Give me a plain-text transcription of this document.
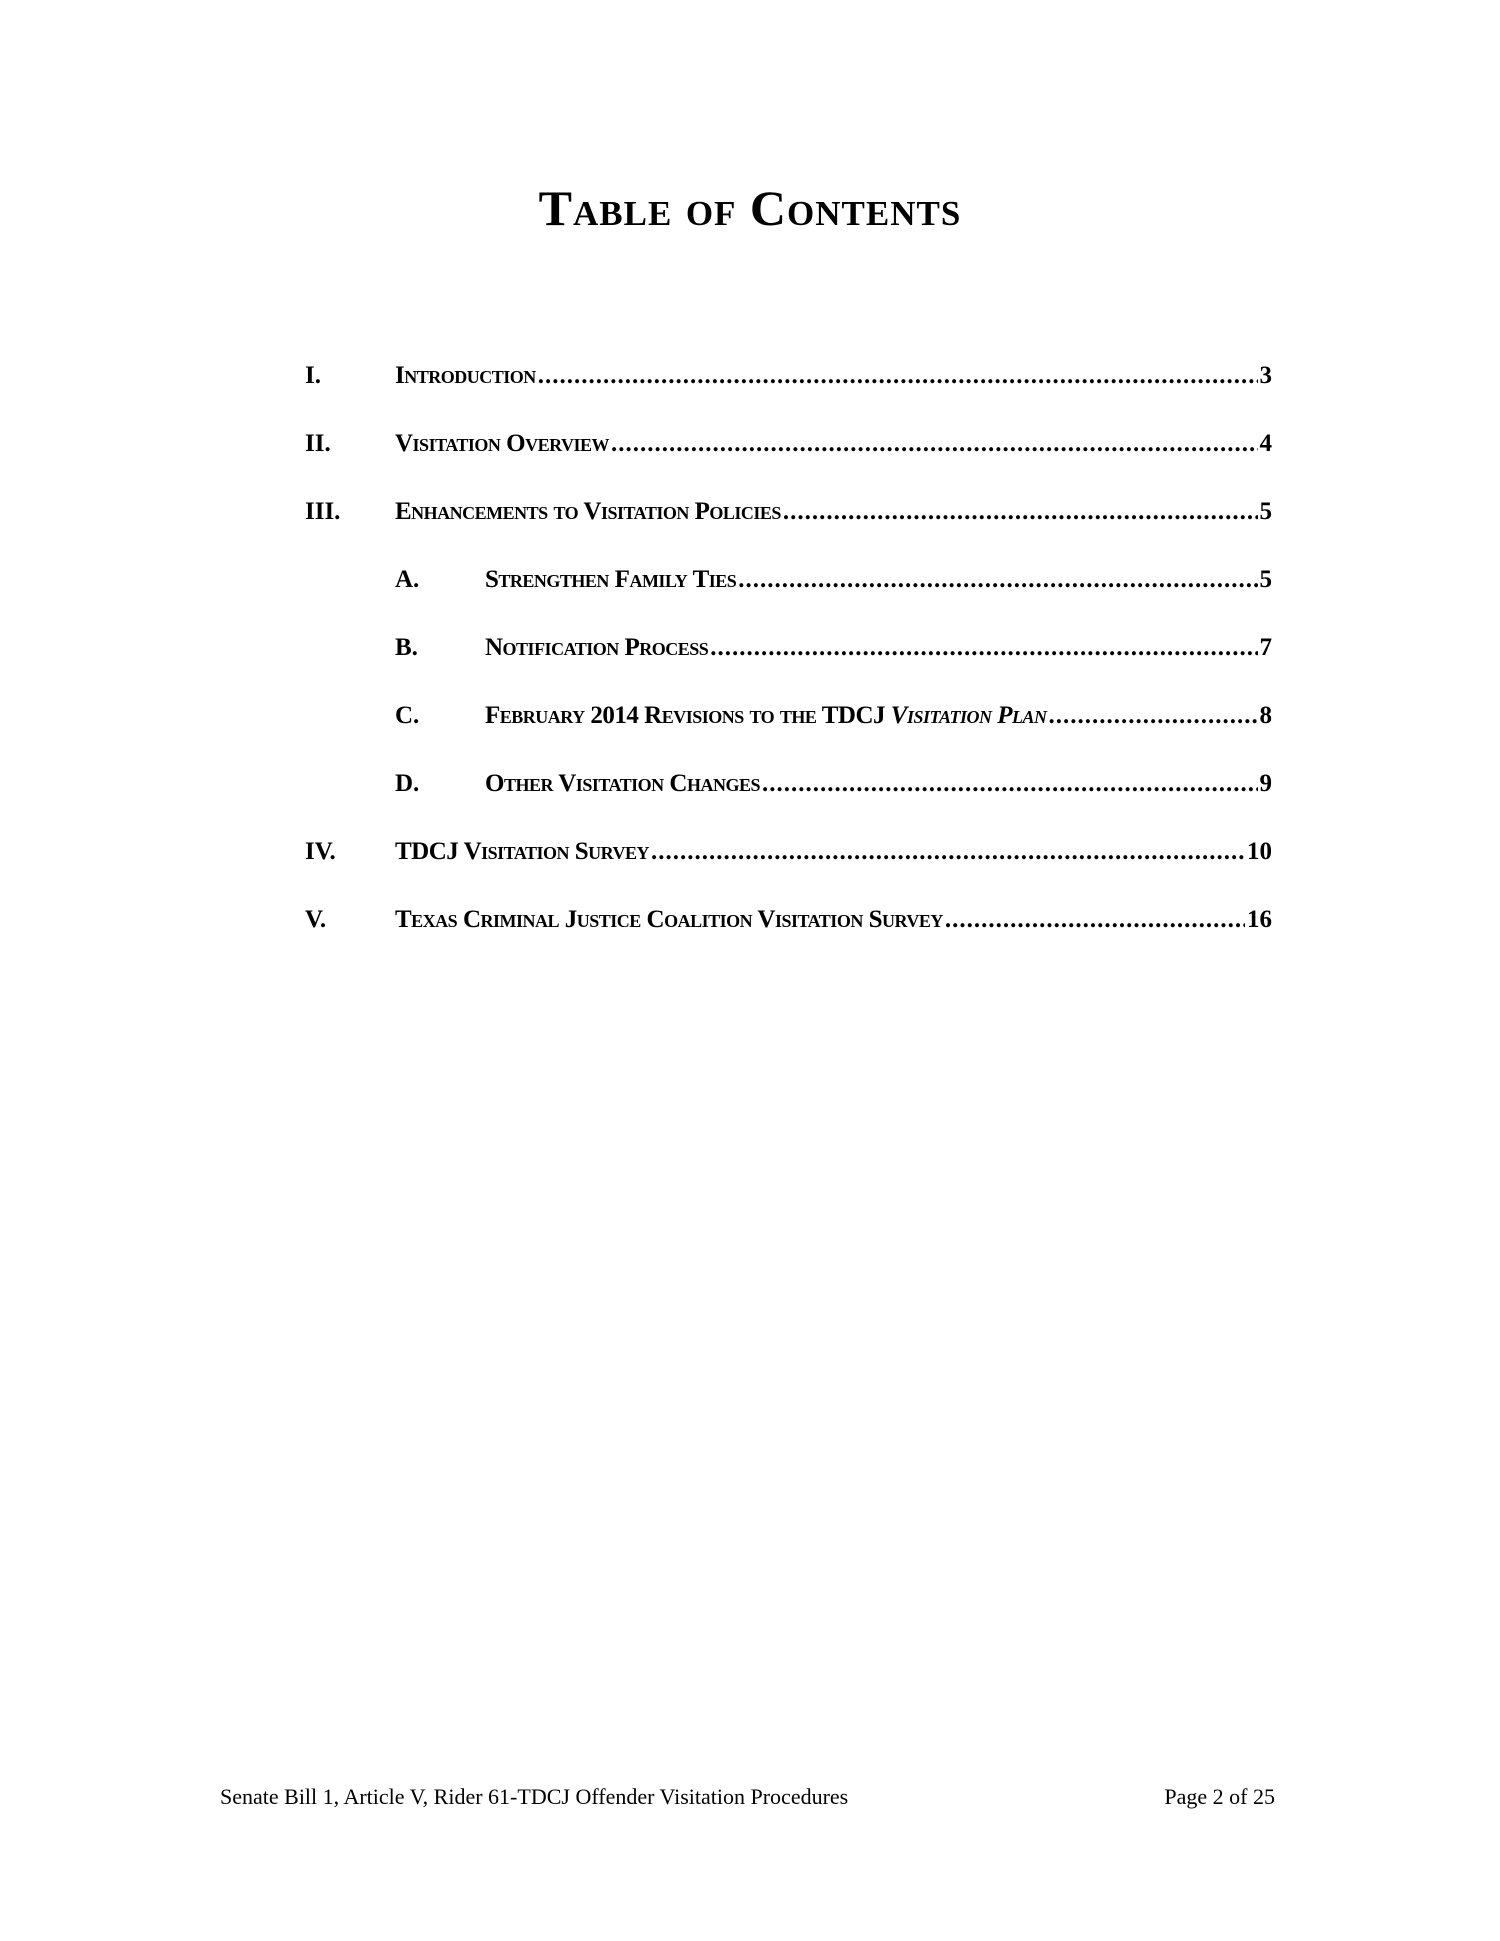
Table of Contents
I.	Introduction .....	3
II.	Visitation Overview .....	4
III.	Enhancements to Visitation Policies .....	5
A.	Strengthen Family Ties .....	5
B.	Notification Process .....	7
C.	February 2014 Revisions to the TDCJ Visitation Plan .....	8
D.	Other Visitation Changes .....	9
IV.	TDCJ Visitation Survey .....	10
V.	Texas Criminal Justice Coalition Visitation Survey .....	16
Senate Bill 1, Article V, Rider 61-TDCJ Offender Visitation Procedures	Page 2 of 25
